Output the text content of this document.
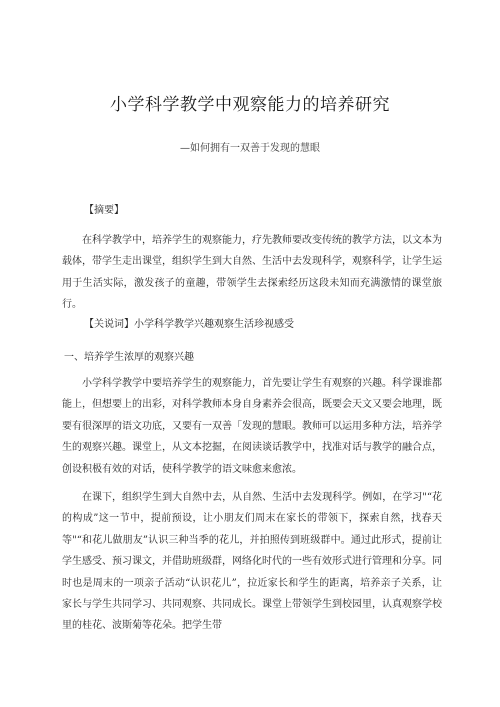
小学科学教学中观察能力的培养研究

—如何拥有一双善于发现的慧眼

【摘要】

在科学教学中，培养学生的观察能力，疗先教师要改变传统的教学方法，以文本为载体，带学生走出课堂，组织学生到大自然、生活中去发现科学，观察科学，让学生运用于生活实际，激发孩子的童趣，带领学生去探索经历这段未知而充满激情的课堂旅行。

【关说词】小学科学教学兴趣观察生活珍视感受
一、培养学生浓厚的观察兴趣

小学科学教学中要培养学生的观察能力，首先要让学生有观察的兴趣。科学课谁都能上，但想要上的出彩，对科学教师本身自身素养会很高，既要会天文又要会地理，既要有很深厚的语文功底，又要有一双善「发现的慧眼。教师可以运用多种方法，培养学生的观察兴趣。课堂上，从文本挖掘，在阅读谈话教学中，找准对话与教学的融合点，创设积极有效的对话，使科学教学的语文味愈来愈浓。

在课下，组织学生到大自然中去，从自然、生活中去发现科学。例如，在学习"“花的构成”这一节中，提前预设，让小朋友们周末在家长的带领下，探索自然，找春天等"“和花儿做朋友”认识三种当季的花儿，并拍照传到班级群中。通过此形式，提前让学生感受、预习课文，并借助班级群，网络化时代的一些有效形式进行管理和分享。同时也是周末的一项亲子活动“认识花儿”，拉近家长和学生的距离，培养亲子关系，让家长与学生共同学习、共同观察、共同成长。课堂上带领学生到校园里，认真观察学校里的桂花、波斯菊等花朵。把学生带
